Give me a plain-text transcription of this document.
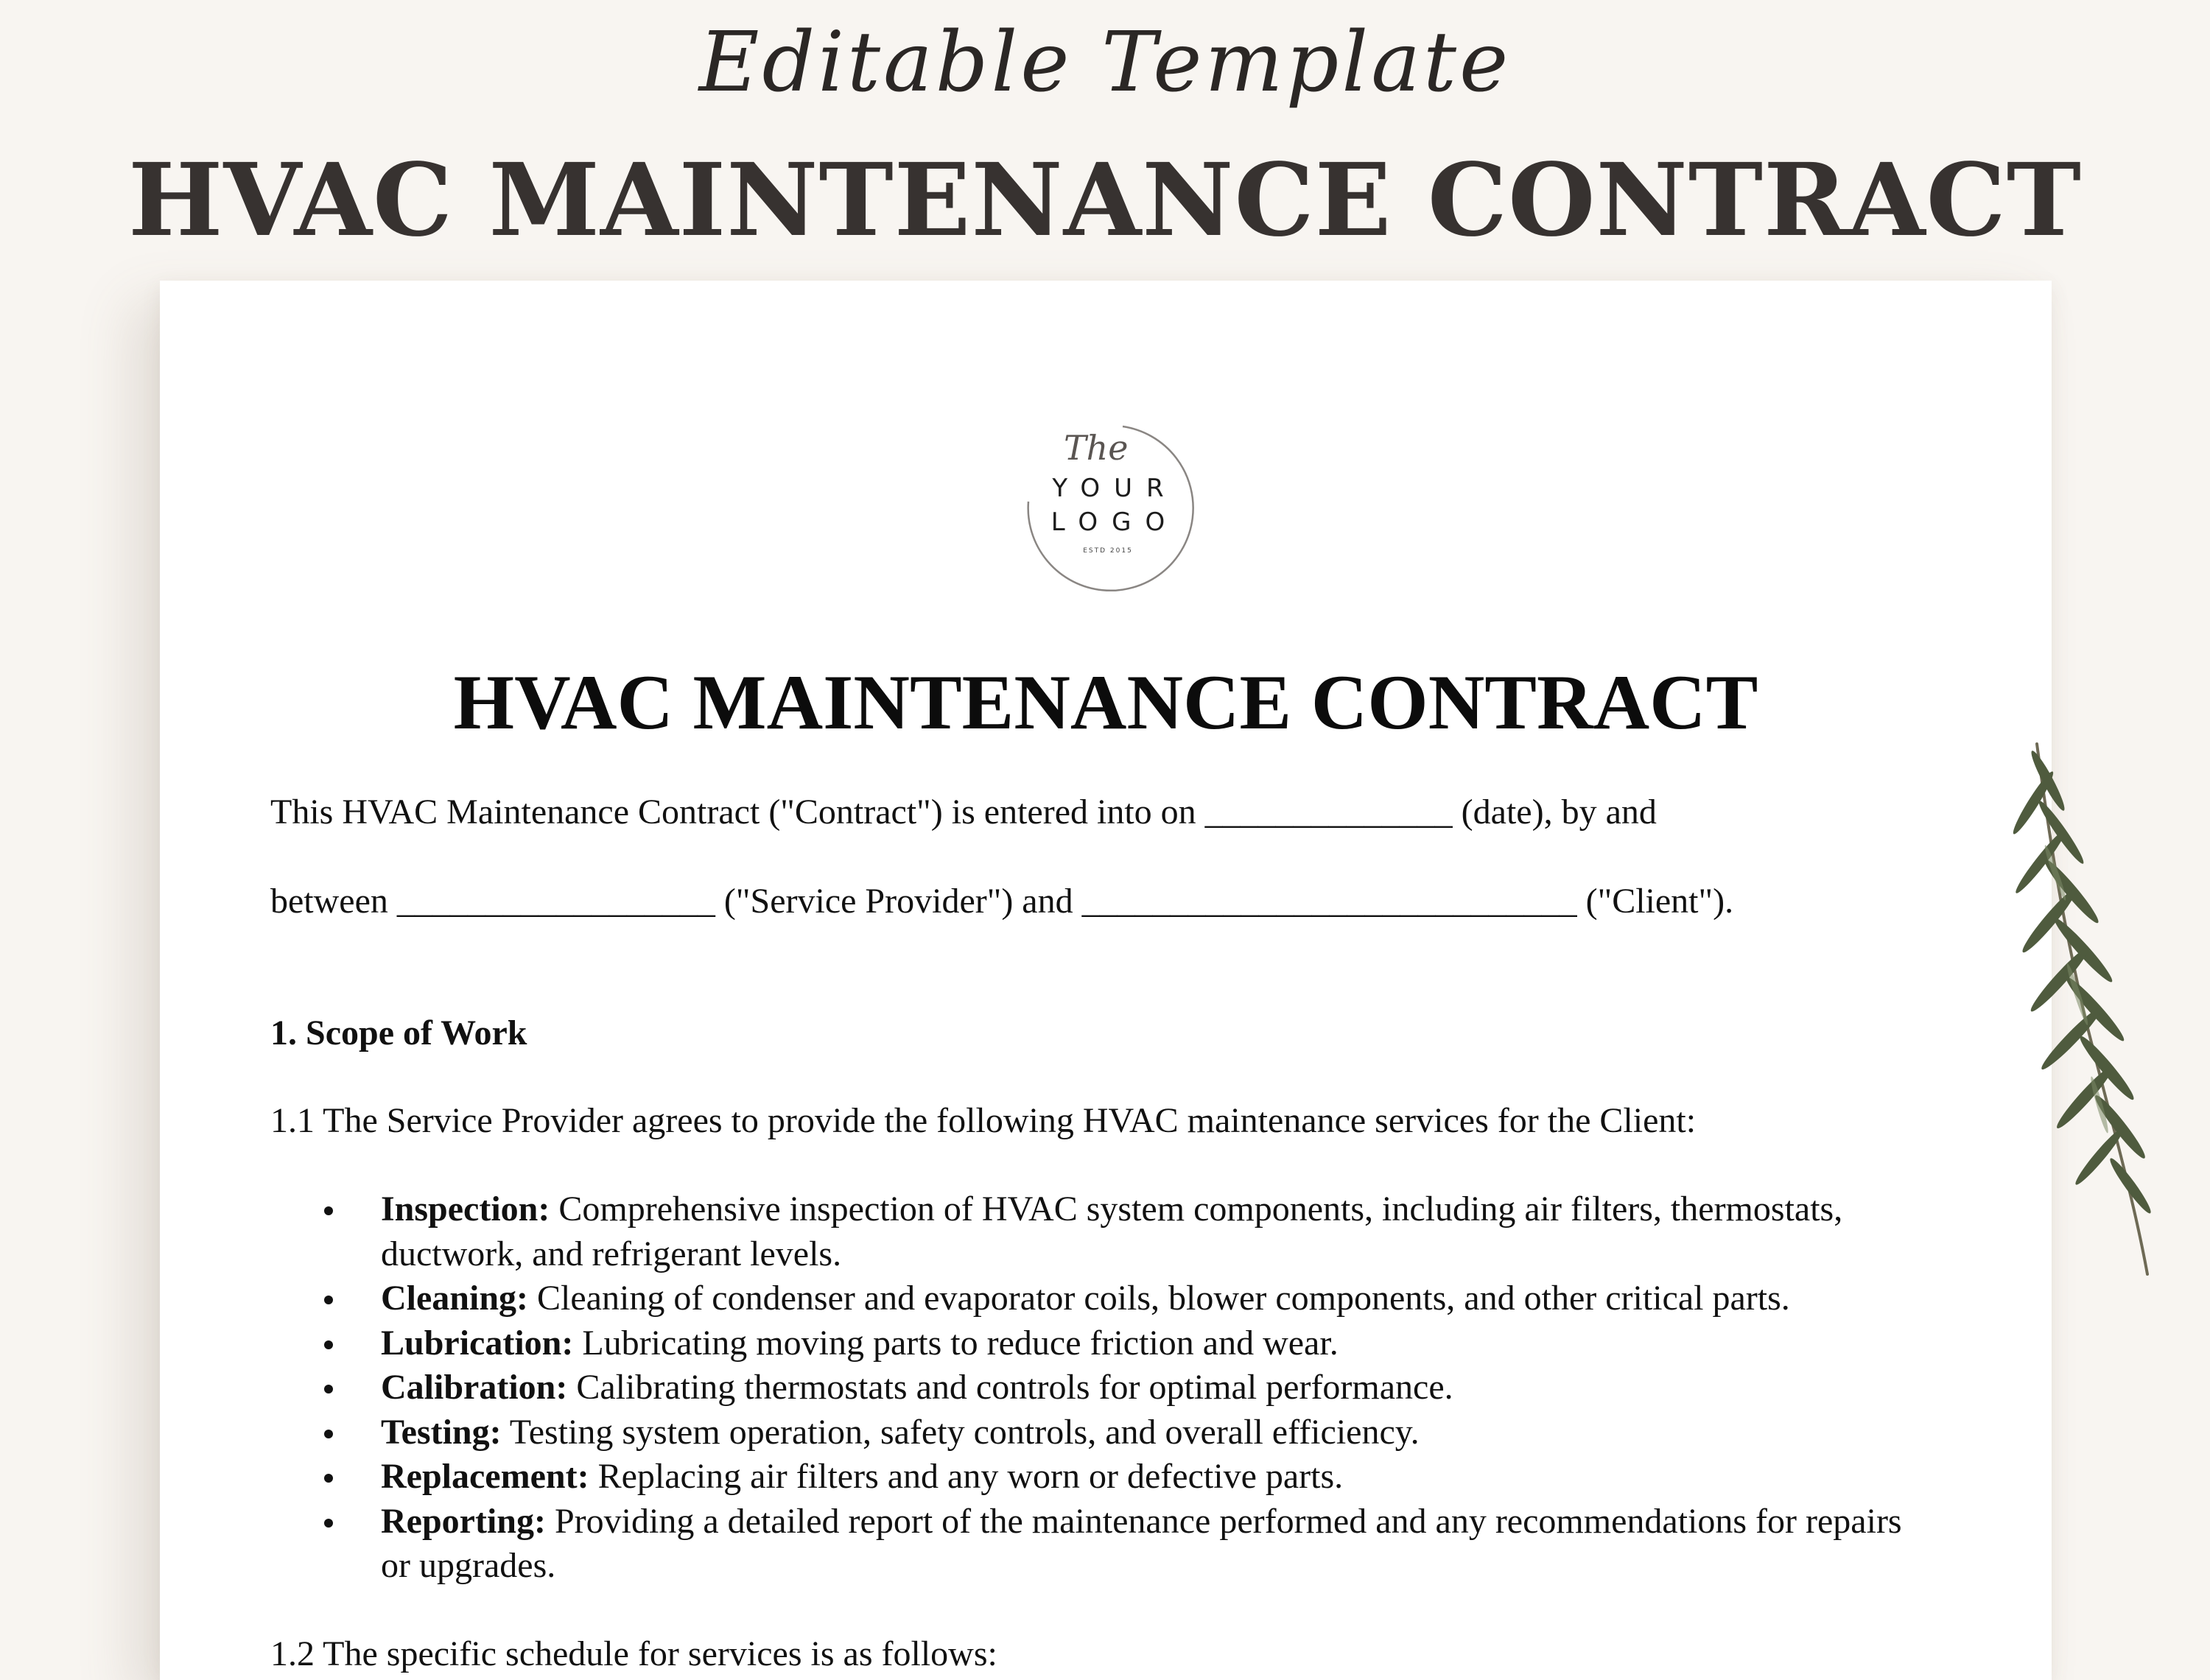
Editable Template
HVAC MAINTENANCE CONTRACT
The
YOUR
LOGO
ESTD 2015
HVAC MAINTENANCE CONTRACT
This HVAC Maintenance Contract ("Contract") is entered into on ______________ (date), by and
between __________________ ("Service Provider") and ____________________________ ("Client").
1. Scope of Work
1.1 The Service Provider agrees to provide the following HVAC maintenance services for the Client:
Inspection: Comprehensive inspection of HVAC system components, including air filters, thermostats, ductwork, and refrigerant levels.
Cleaning: Cleaning of condenser and evaporator coils, blower components, and other critical parts.
Lubrication: Lubricating moving parts to reduce friction and wear.
Calibration: Calibrating thermostats and controls for optimal performance.
Testing: Testing system operation, safety controls, and overall efficiency.
Replacement: Replacing air filters and any worn or defective parts.
Reporting: Providing a detailed report of the maintenance performed and any recommendations for repairs or upgrades.
1.2 The specific schedule for services is as follows:
